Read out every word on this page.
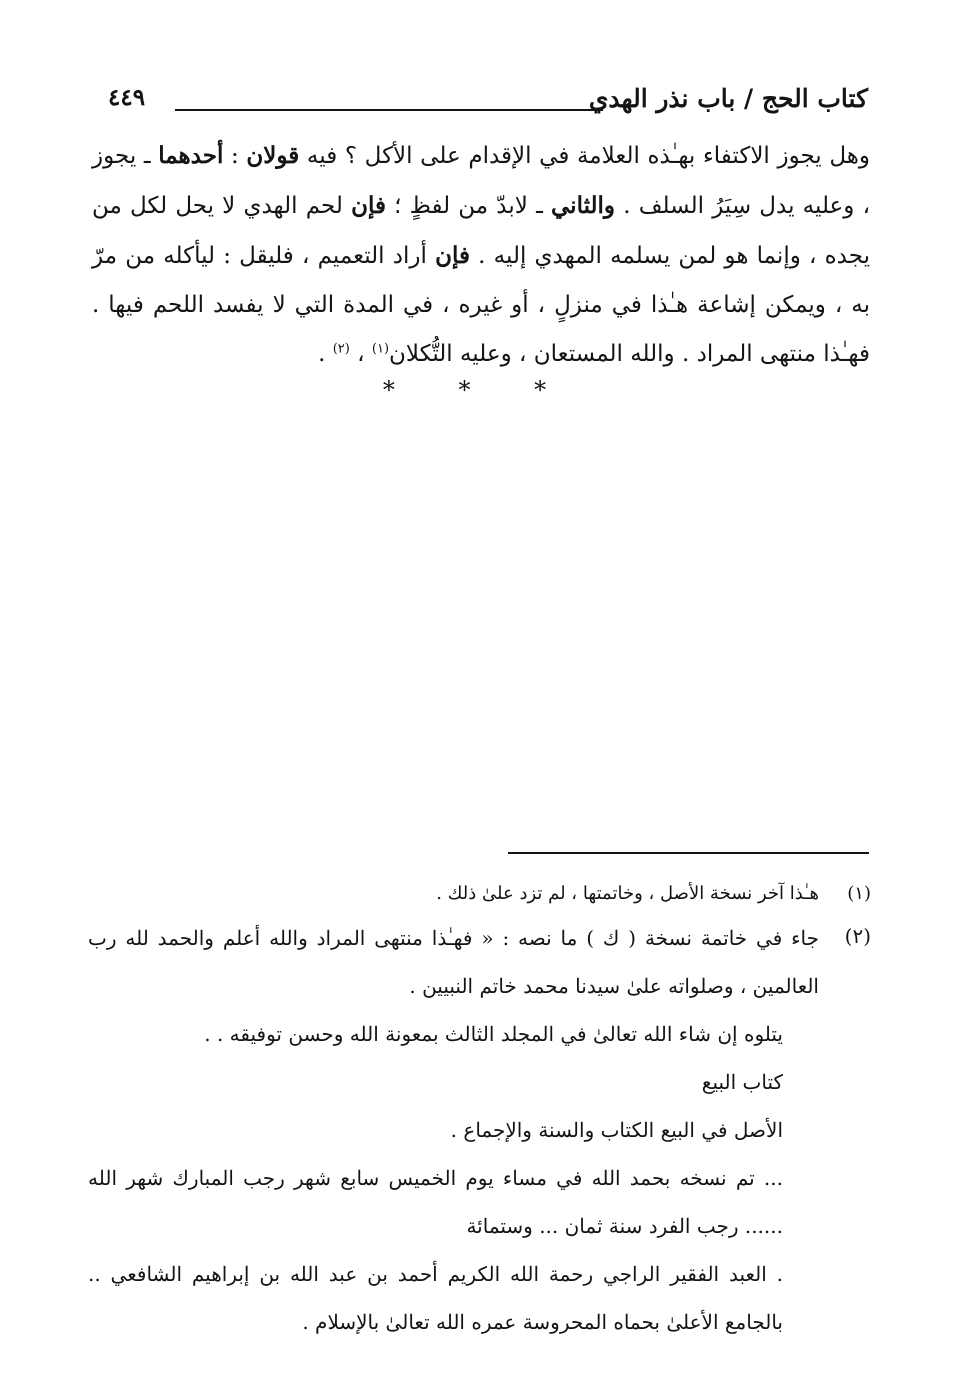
كتاب الحج / باب نذر الهدي
٤٤٩

وهل يجوز الاكتفاء بهـٰذه العلامة في الإقدام على الأكل ؟ فيه قولان : أحدهما ـ يجوز ، وعليه يدل سِيَرُ السلف . والثاني ـ لابدّ من لفظٍ ؛ فإن لحم الهدي لا يحل لكل من يجده ، وإنما هو لمن يسلمه المهدي إليه . فإن أراد التعميم ، فليقل : ليأكله من مرّ به ، ويمكن إشاعة هـٰذا في منزلٍ ، أو غيره ، في المدة التي لا يفسد اللحم فيها . فهـٰذا منتهى المراد . والله المستعان ، وعليه التُّكلان$^{(١)}$ ، $^{(٢)}$ .

* * *
(١)
هـٰذا آخر نسخة الأصل ، وخاتمتها ، لم تزد علىٰ ذلك .
(٢)
جاء في خاتمة نسخة ( ك ) ما نصه : « فهـٰذا منتهى المراد والله أعلم والحمد لله رب العالمين ، وصلواته علىٰ سيدنا محمد خاتم النبيين .
يتلوه إن شاء الله تعالىٰ في المجلد الثالث بمعونة الله وحسن توفيقه . .
كتاب البيع
الأصل في البيع الكتاب والسنة والإجماع .
... تم نسخه بحمد الله في مساء يوم الخميس سابع شهر رجب المبارك شهر الله ...... رجب الفرد سنة ثمان ... وستمائة
. العبد الفقير الراجي رحمة الله الكريم أحمد بن عبد الله بن إبراهيم الشافعي .. بالجامع الأعلىٰ بحماه المحروسة عمره الله تعالىٰ بالإسلام .
